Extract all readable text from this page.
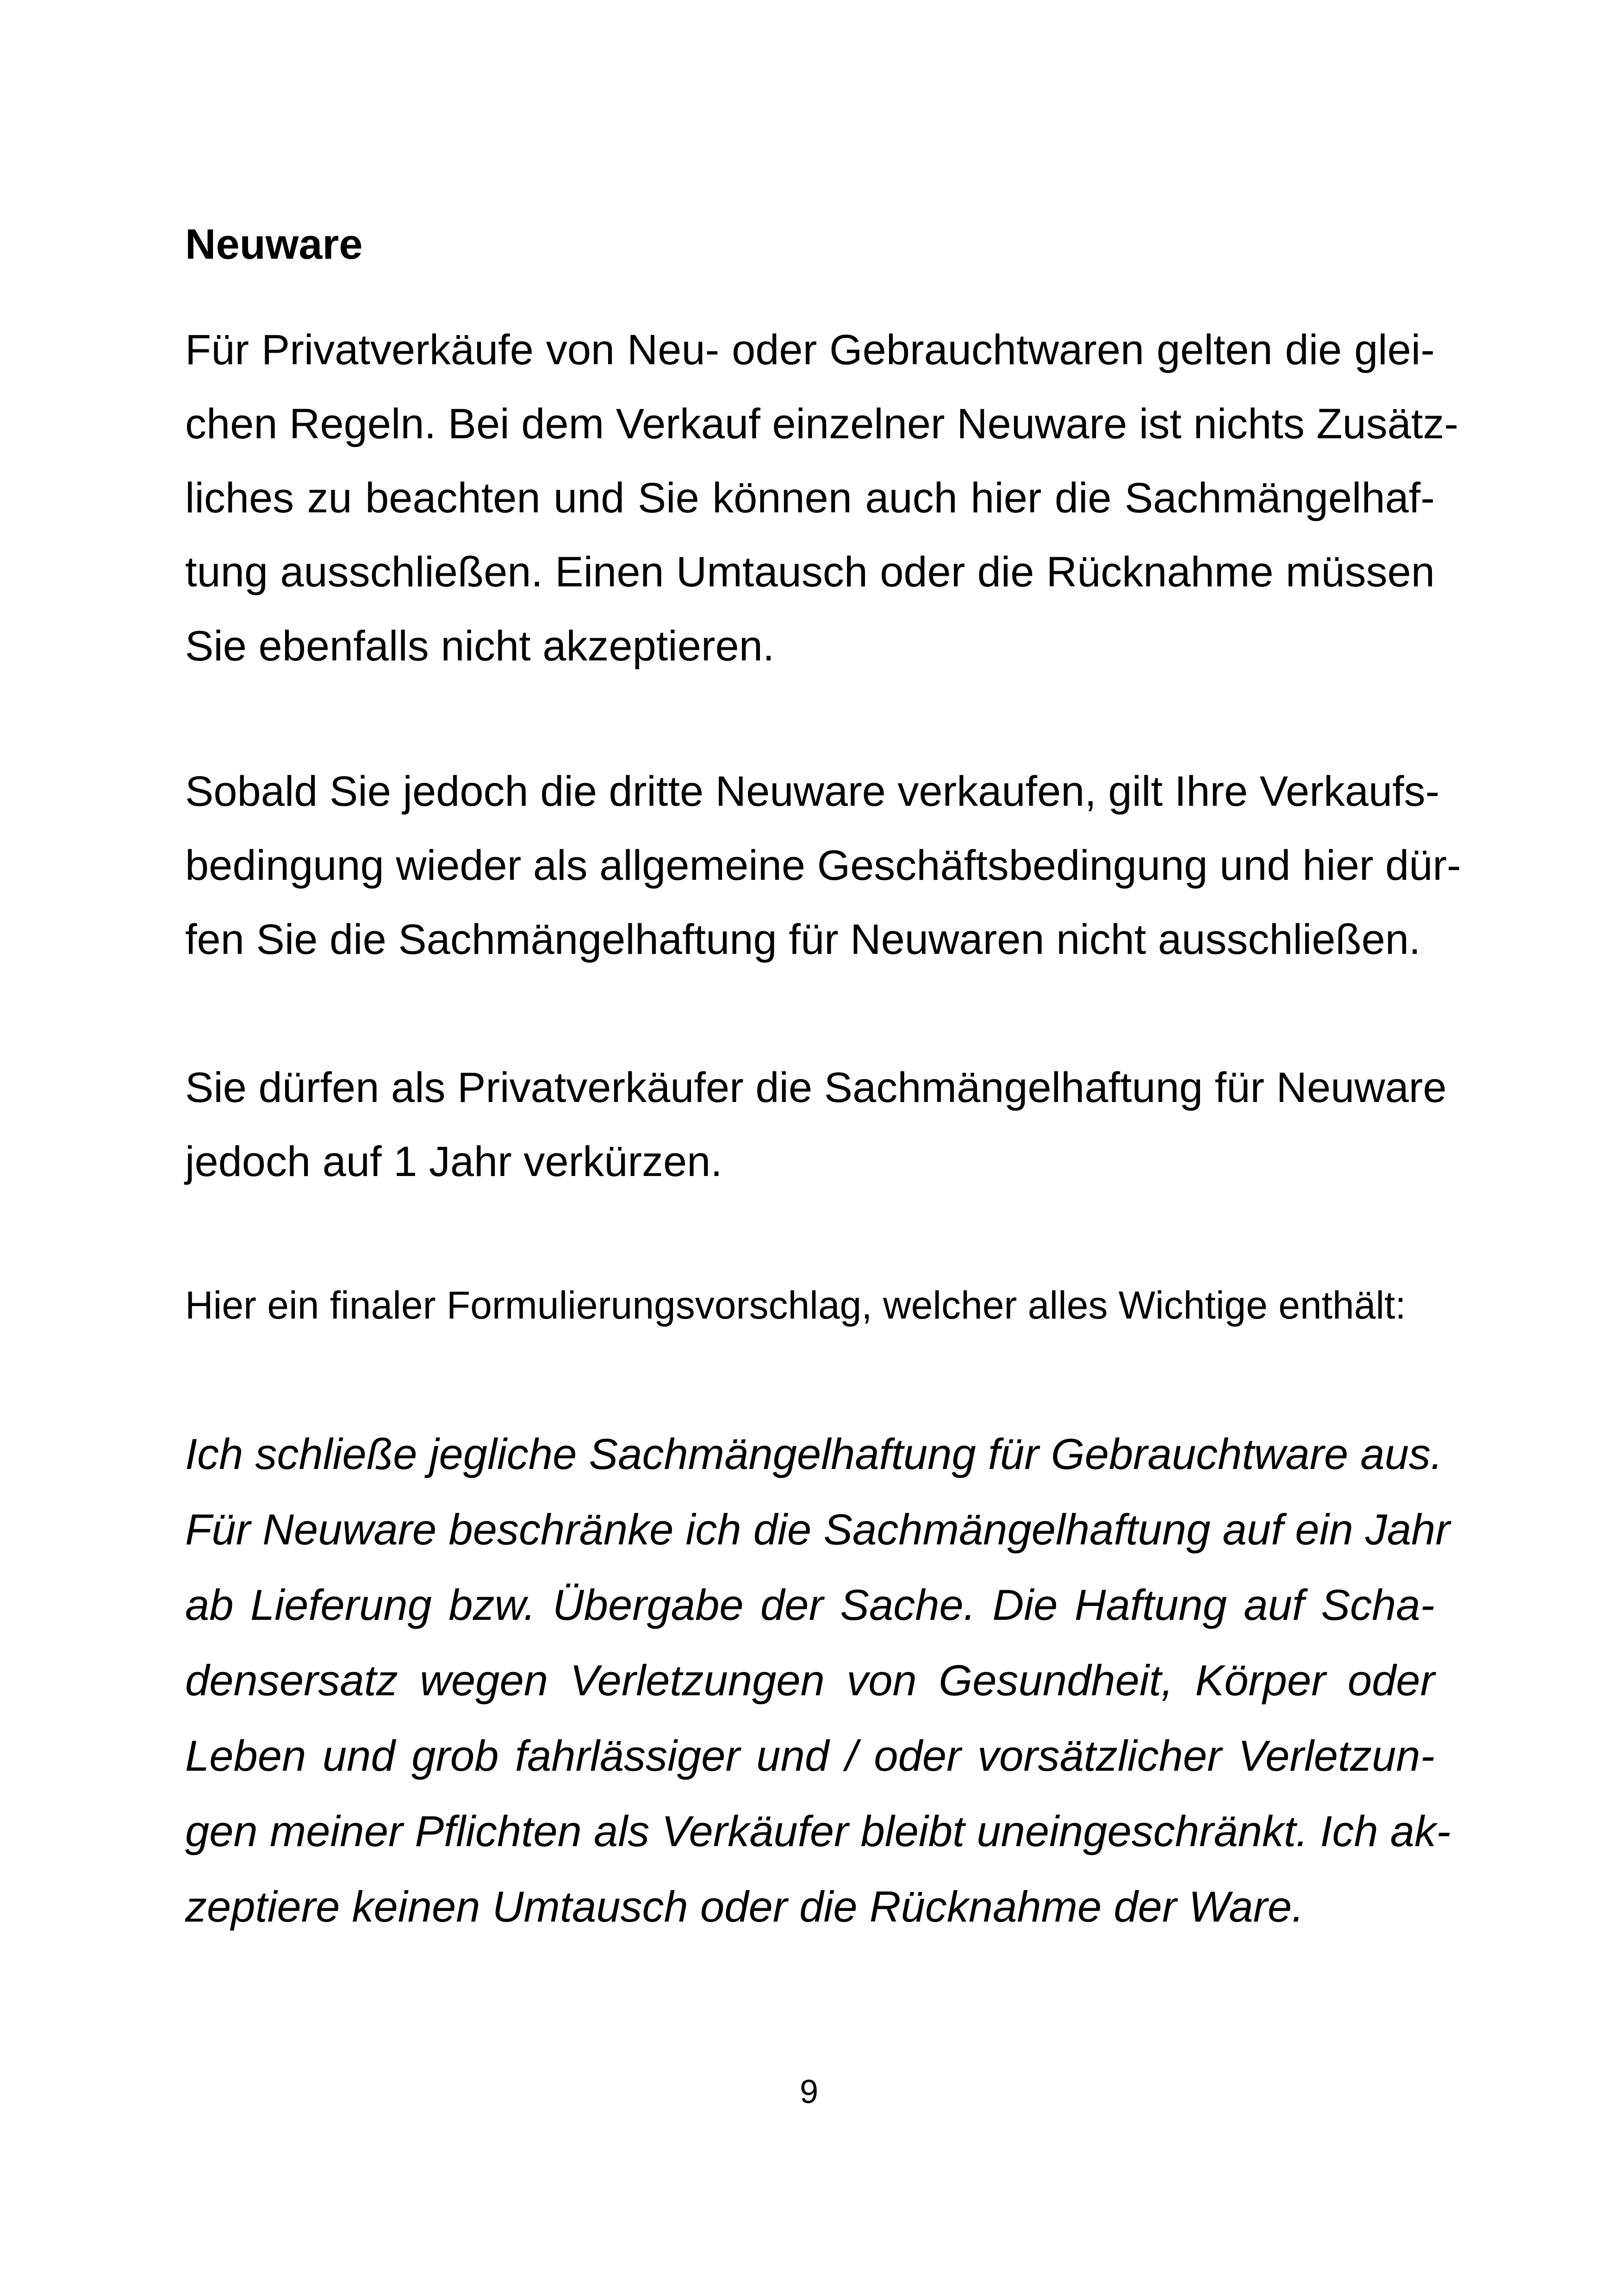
Neuware
Für Privatverkäufe von Neu- oder Gebrauchtwaren gelten die glei-
chen Regeln. Bei dem Verkauf einzelner Neuware ist nichts Zusätz-
liches zu beachten und Sie können auch hier die Sachmängelhaf-
tung ausschließen. Einen Umtausch oder die Rücknahme müssen
Sie ebenfalls nicht akzeptieren.
Sobald Sie jedoch die dritte Neuware verkaufen, gilt Ihre Verkaufs-
bedingung wieder als allgemeine Geschäftsbedingung und hier dür-
fen Sie die Sachmängelhaftung für Neuwaren nicht ausschließen.
Sie dürfen als Privatverkäufer die Sachmängelhaftung für Neuware
jedoch auf 1 Jahr verkürzen.
Hier ein finaler Formulierungsvorschlag, welcher alles Wichtige enthält:
Ich schließe jegliche Sachmängelhaftung für Gebrauchtware aus.
Für Neuware beschränke ich die Sachmängelhaftung auf ein Jahr
ab Lieferung bzw. Übergabe der Sache. Die Haftung auf Scha-
densersatz wegen Verletzungen von Gesundheit, Körper oder
Leben und grob fahrlässiger und / oder vorsätzlicher Verletzun-
gen meiner Pflichten als Verkäufer bleibt uneingeschränkt. Ich ak-
zeptiere keinen Umtausch oder die Rücknahme der Ware.
9
